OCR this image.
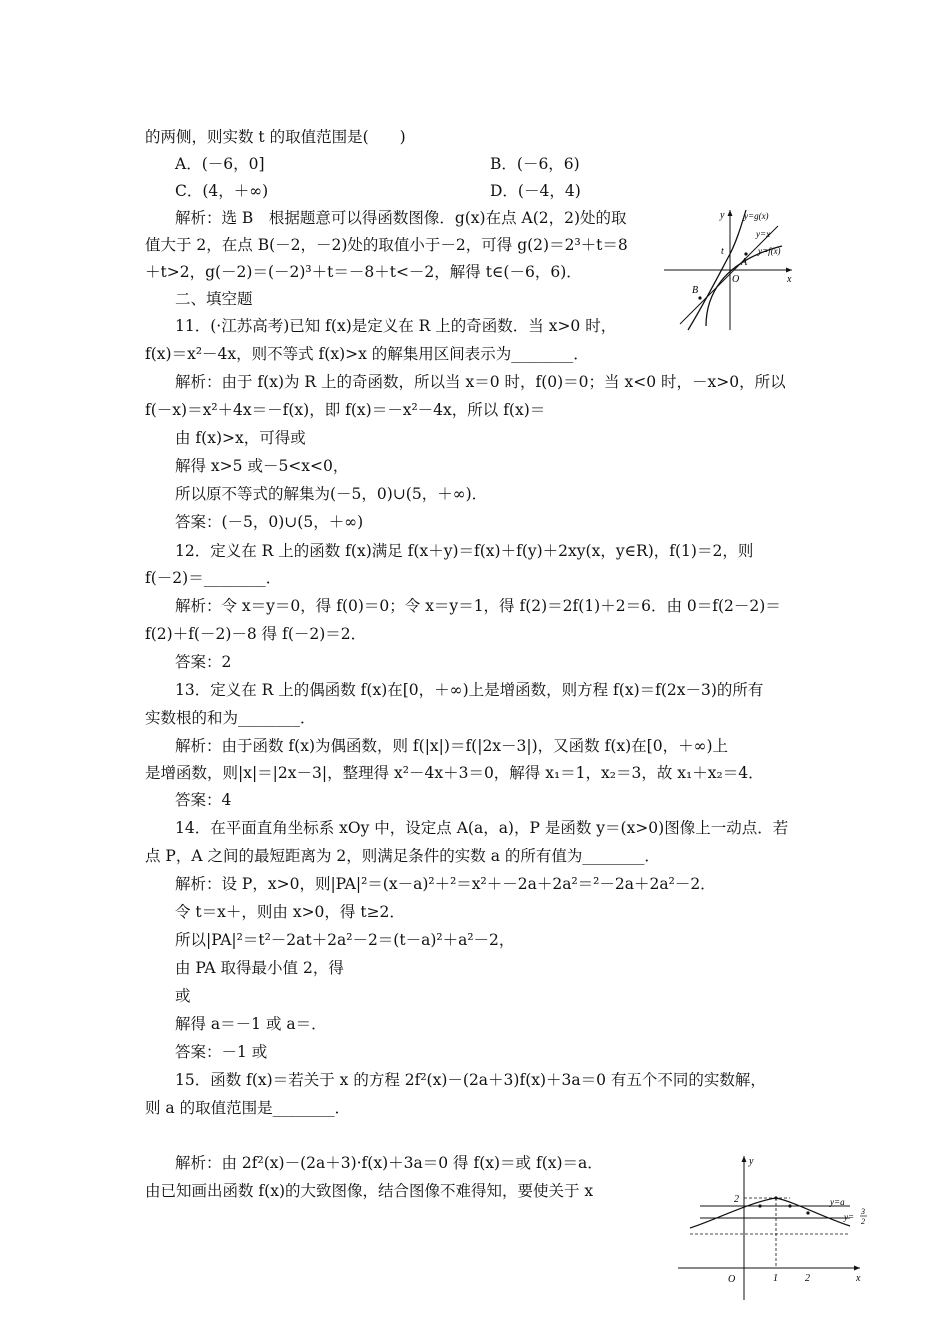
的两侧，则实数 t 的取值范围是(　　)
A．(－6，0]	B．(－6，6)
C．(4，＋∞)	D．(－4，4)
解析：选 B　根据题意可以得函数图像．g(x)在点 A(2，2)处的取
值大于 2，在点 B(－2，－2)处的取值小于－2，可得 g(2)＝2³＋t＝8
＋t>2，g(－2)＝(－2)³＋t＝－8＋t<－2，解得 t∈(－6，6)．
二、填空题
11．(·江苏高考)已知 f(x)是定义在 R 上的奇函数．当 x>0 时，
f(x)＝x²－4x，则不等式 f(x)>x 的解集用区间表示为________．
解析：由于 f(x)为 R 上的奇函数，所以当 x＝0 时，f(0)＝0；当 x<0 时，－x>0，所以
f(－x)＝x²＋4x＝－f(x)，即 f(x)＝－x²－4x，所以 f(x)＝
由 f(x)>x，可得或
解得 x>5 或－5<x<0，
所以原不等式的解集为(－5，0)∪(5，＋∞)．
答案：(－5，0)∪(5，＋∞)
12．定义在 R 上的函数 f(x)满足 f(x＋y)＝f(x)＋f(y)＋2xy(x，y∈R)，f(1)＝2，则
f(－2)＝________．
解析：令 x＝y＝0，得 f(0)＝0；令 x＝y＝1，得 f(2)＝2f(1)＋2＝6．由 0＝f(2－2)＝
f(2)＋f(－2)－8 得 f(－2)＝2．
答案：2
13．定义在 R 上的偶函数 f(x)在[0，＋∞)上是增函数，则方程 f(x)＝f(2x－3)的所有
实数根的和为________．
解析：由于函数 f(x)为偶函数，则 f(|x|)＝f(|2x－3|)，又函数 f(x)在[0，＋∞)上
是增函数，则|x|＝|2x－3|，整理得 x²－4x＋3＝0，解得 x₁＝1，x₂＝3，故 x₁＋x₂＝4．
答案：4
14．在平面直角坐标系 xOy 中，设定点 A(a，a)，P 是函数 y＝(x>0)图像上一动点．若
点 P，A 之间的最短距离为 2，则满足条件的实数 a 的所有值为________．
解析：设 P，x>0，则|PA|²＝(x－a)²＋²＝x²＋－2a＋2a²＝²－2a＋2a²－2．
令 t＝x＋，则由 x>0，得 t≥2．
所以|PA|²＝t²－2at＋2a²－2＝(t－a)²＋a²－2，
由 PA 取得最小值 2，得
或
解得 a＝－1 或 a＝．
答案：－1 或
15．函数 f(x)＝若关于 x 的方程 2f²(x)－(2a＋3)f(x)＋3a＝0 有五个不同的实数解，
则 a 的取值范围是________．
解析：由 2f²(x)－(2a＋3)·f(x)＋3a＝0 得 f(x)＝或 f(x)＝a．
由已知画出函数 f(x)的大致图像，结合图像不难得知，要使关于 x
y
x
O
y=g(x)
y=x
y=f(x)
t
A
B
y
x
O
2
1	2
y=a
y=
3
2
